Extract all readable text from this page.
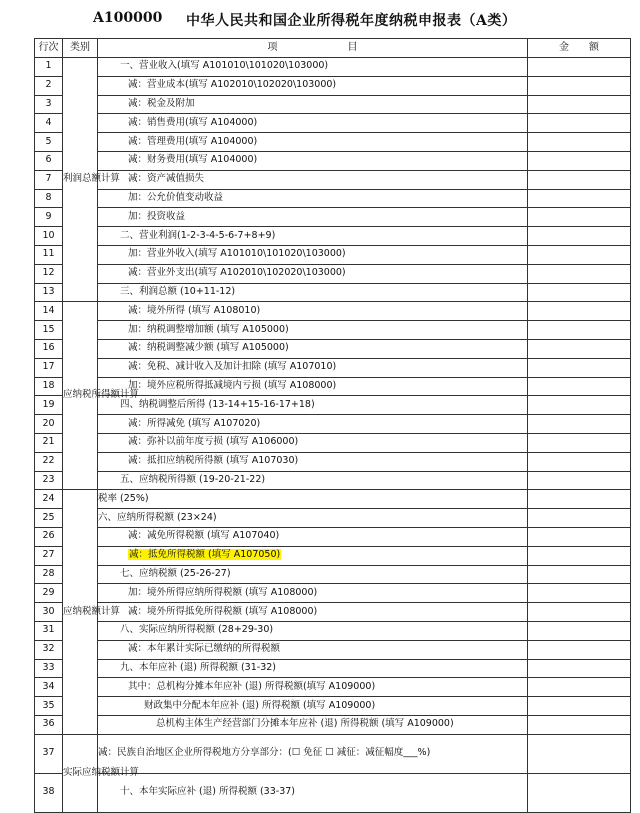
A100000 中华人民共和国企业所得税年度纳税申报表（A类）
行次	类别	项　　　　　　　目	金　　额
1	利润总额计算	一、营业收入(填写 A101010\101020\103000)	
2		减：营业成本(填写 A102010\102020\103000)	
3		减：税金及附加	
4		减：销售费用(填写 A104000)	
5		减：管理费用(填写 A104000)	
6		减：财务费用(填写 A104000)	
7		减：资产减值损失	
8		加：公允价值变动收益	
9		加：投资收益	
10		二、营业利润(1-2-3-4-5-6-7+8+9)	
11		加：营业外收入(填写 A101010\101020\103000)	
12		减：营业外支出(填写 A102010\102020\103000)	
13		三、利润总额 (10+11-12)	
14	应纳税所得额计算	减：境外所得 (填写 A108010)	
15		加：纳税调整增加额 (填写 A105000)	
16		减：纳税调整减少额 (填写 A105000)	
17		减：免税、减计收入及加计扣除 (填写 A107010)	
18		加：境外应税所得抵减境内亏损 (填写 A108000)	
19		四、纳税调整后所得 (13-14+15-16-17+18)	
20		减：所得减免 (填写 A107020)	
21		减：弥补以前年度亏损 (填写 A106000)	
22		减：抵扣应纳税所得额 (填写 A107030)	
23		五、应纳税所得额 (19-20-21-22)	
24	应纳税额计算	税率 (25%)	
25		六、应纳所得税额 (23×24)	
26		减：减免所得税额 (填写 A107040)	
27		减：抵免所得税额 (填写 A107050)	
28		七、应纳税额 (25-26-27)	
29		加：境外所得应纳所得税额 (填写 A108000)	
30		减：境外所得抵免所得税额 (填写 A108000)	
31		八、实际应纳所得税额 (28+29-30)	
32		减：本年累计实际已缴纳的所得税额	
33		九、本年应补 (退) 所得税额 (31-32)	
34		其中：总机构分摊本年应补 (退) 所得税额(填写 A109000)	
35		财政集中分配本年应补 (退) 所得税额 (填写 A109000)	
36		总机构主体生产经营部门分摊本年应补 (退) 所得税额 (填写 A109000)	
37	实际应纳税额计算	减：民族自治地区企业所得税地方分享部分：(☐ 免征 ☐ 减征：减征幅度___%)	
38		十、本年实际应补 (退) 所得税额 (33-37)	
